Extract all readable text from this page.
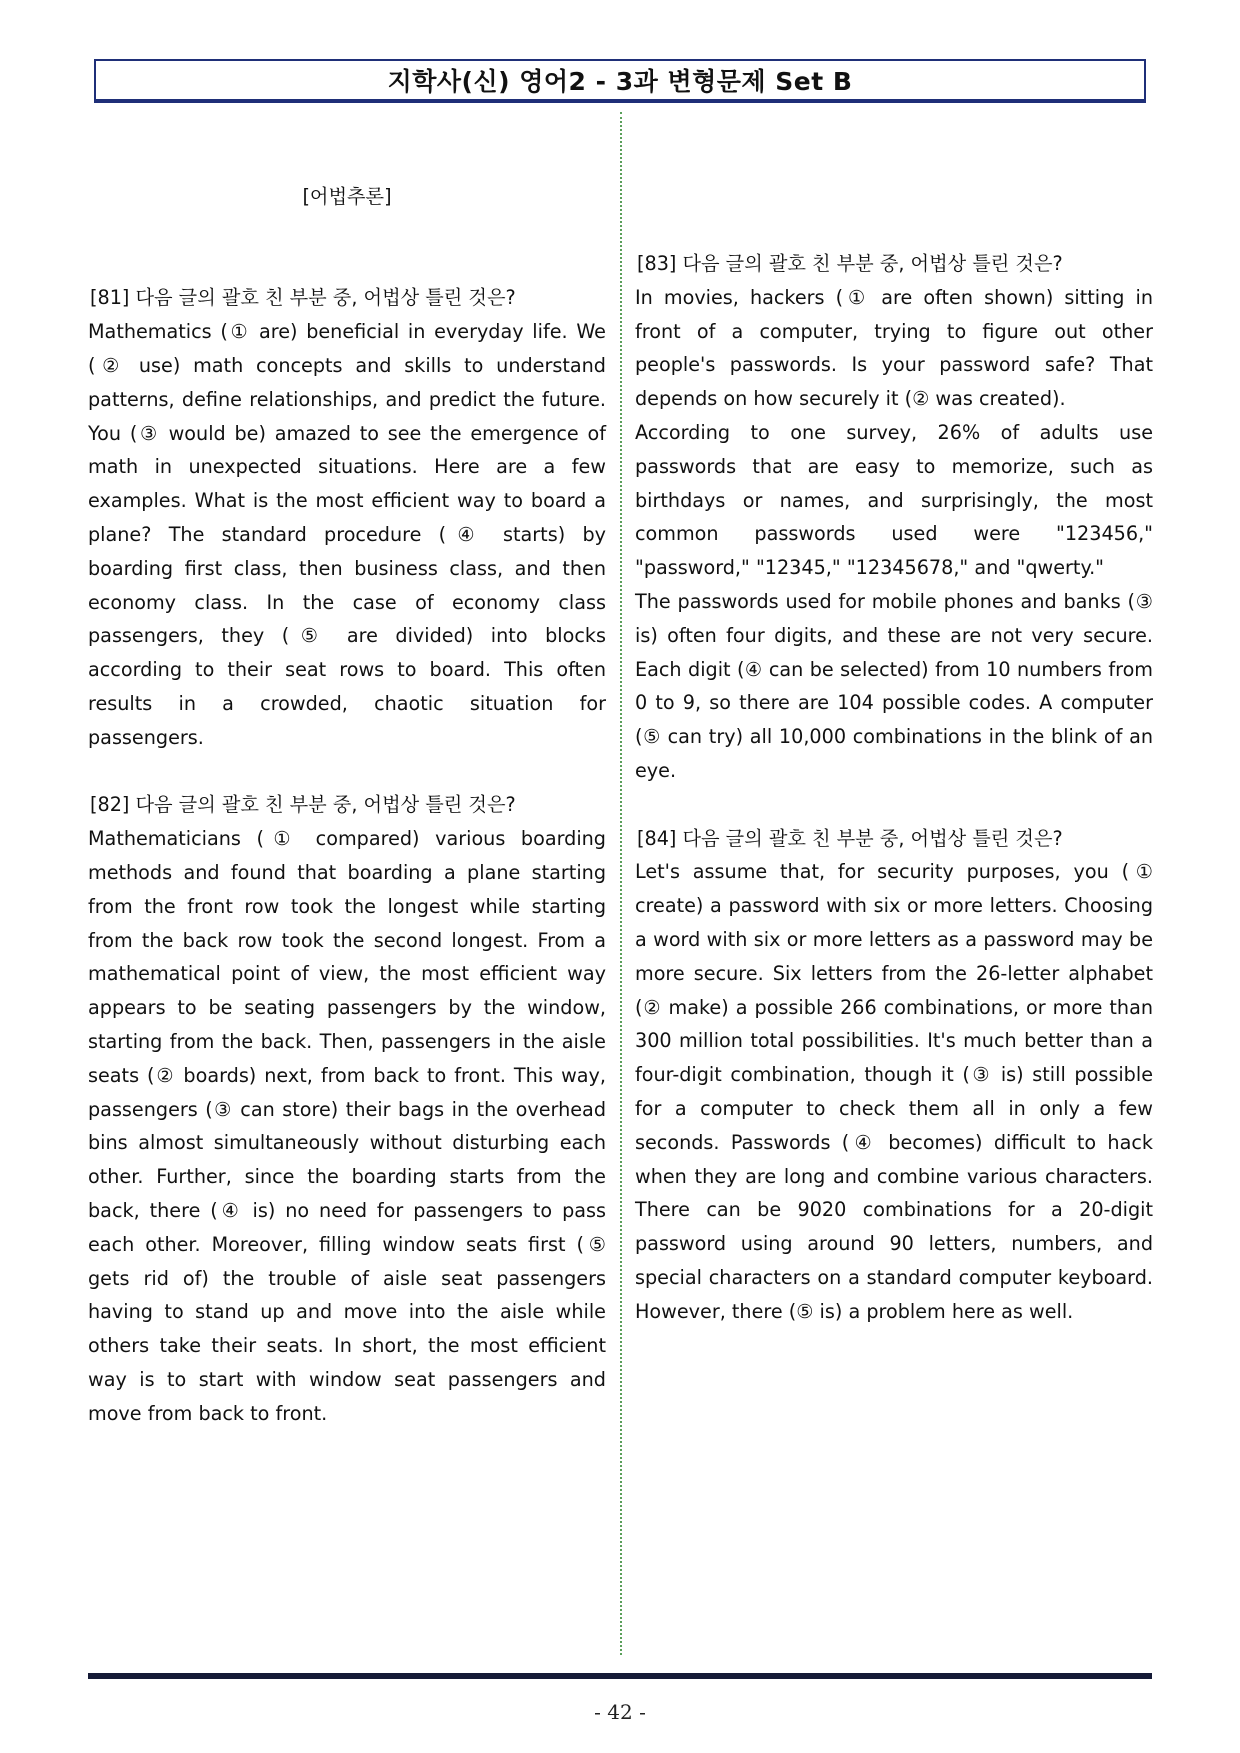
지학사(신) 영어2 - 3과 변형문제 Set B

[어법추론]

[81] 다음 글의 괄호 친 부분 중, 어법상 틀린 것은?

Mathematics (① are) beneficial in everyday life. We (② use) math concepts and skills to understand patterns, define relationships, and predict the future. You (③ would be) amazed to see the emergence of math in unexpected situations. Here are a few examples. What is the most efficient way to board a plane? The standard procedure (④ starts) by boarding first class, then business class, and then economy class. In the case of economy class passengers, they (⑤ are divided) into blocks according to their seat rows to board. This often results in a crowded, chaotic situation for passengers.

[82] 다음 글의 괄호 친 부분 중, 어법상 틀린 것은?

Mathematicians (① compared) various boarding methods and found that boarding a plane starting from the front row took the longest while starting from the back row took the second longest. From a mathematical point of view, the most efficient way appears to be seating passengers by the window, starting from the back. Then, passengers in the aisle seats (② boards) next, from back to front. This way, passengers (③ can store) their bags in the overhead bins almost simultaneously without disturbing each other. Further, since the boarding starts from the back, there (④ is) no need for passengers to pass each other. Moreover, filling window seats first (⑤ gets rid of) the trouble of aisle seat passengers having to stand up and move into the aisle while others take their seats. In short, the most efficient way is to start with window seat passengers and move from back to front.

[83] 다음 글의 괄호 친 부분 중, 어법상 틀린 것은?

In movies, hackers (① are often shown) sitting in front of a computer, trying to figure out other people's passwords. Is your password safe? That depends on how securely it (② was created).

According to one survey, 26% of adults use passwords that are easy to memorize, such as birthdays or names, and surprisingly, the most common passwords used were "123456," "password," "12345," "12345678," and "qwerty."

The passwords used for mobile phones and banks (③ is) often four digits, and these are not very secure. Each digit (④ can be selected) from 10 numbers from 0 to 9, so there are 104 possible codes. A computer (⑤ can try) all 10,000 combinations in the blink of an eye.

[84] 다음 글의 괄호 친 부분 중, 어법상 틀린 것은?

Let's assume that, for security purposes, you (① create) a password with six or more letters. Choosing a word with six or more letters as a password may be more secure. Six letters from the 26-letter alphabet (② make) a possible 266 combinations, or more than 300 million total possibilities. It's much better than a four-digit combination, though it (③ is) still possible for a computer to check them all in only a few seconds. Passwords (④ becomes) difficult to hack when they are long and combine various characters. There can be 9020 combinations for a 20-digit password using around 90 letters, numbers, and special characters on a standard computer keyboard. However, there (⑤ is) a problem here as well.

- 42 -
